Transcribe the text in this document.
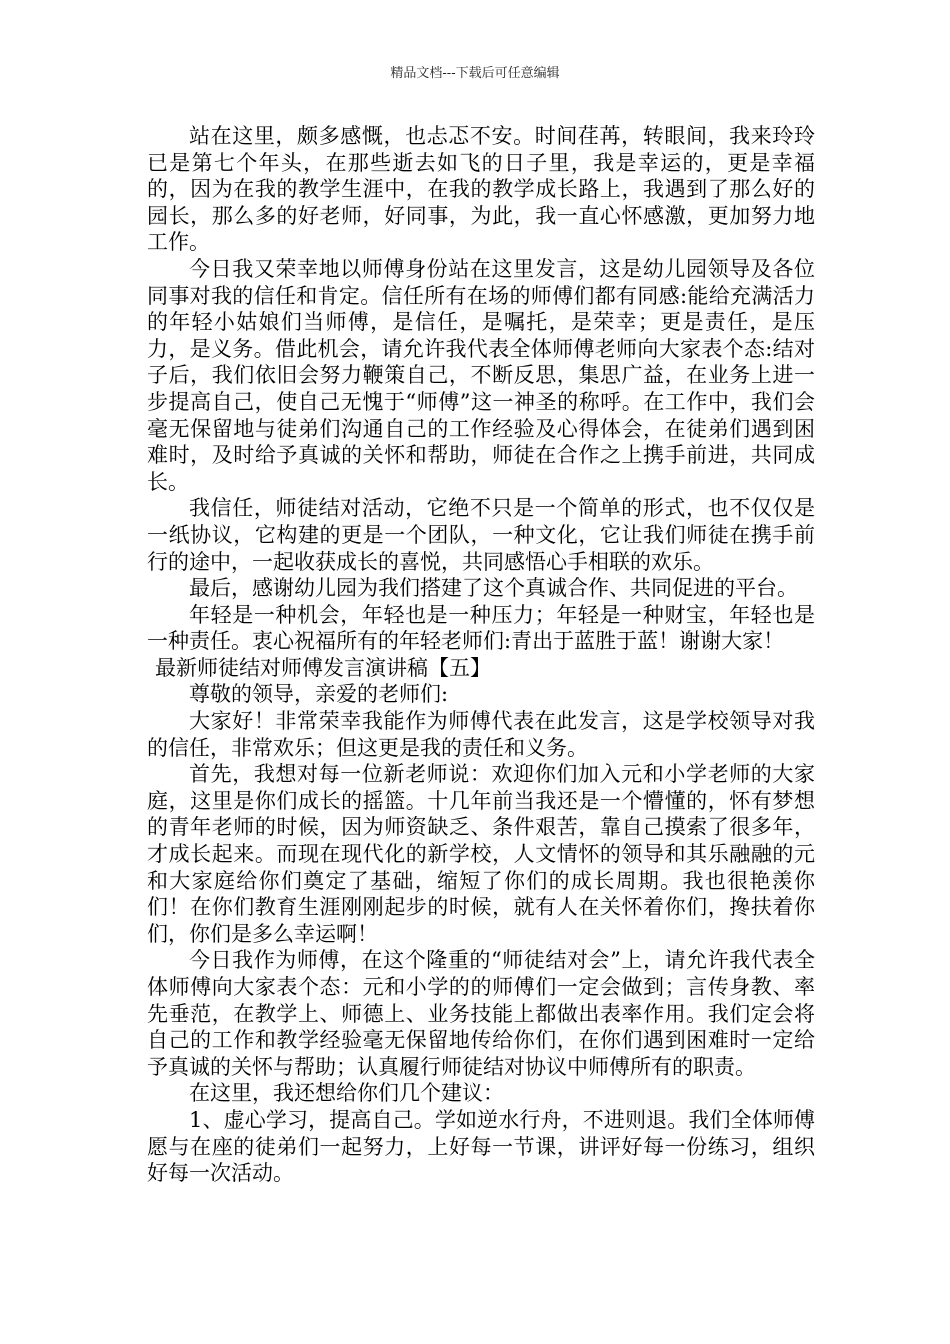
精品文档---下载后可任意编辑

站在这里，颇多感慨，也忐忑不安。时间荏苒，转眼间，我来玲玲已是第七个年头，在那些逝去如飞的日子里，我是幸运的，更是幸福的，因为在我的教学生涯中，在我的教学成长路上，我遇到了那么好的园长，那么多的好老师，好同事，为此，我一直心怀感激，更加努力地工作。

今日我又荣幸地以师傅身份站在这里发言，这是幼儿园领导及各位同事对我的信任和肯定。信任所有在场的师傅们都有同感:能给充满活力的年轻小姑娘们当师傅，是信任，是嘱托，是荣幸；更是责任，是压力，是义务。借此机会，请允许我代表全体师傅老师向大家表个态:结对子后，我们依旧会努力鞭策自己，不断反思，集思广益，在业务上进一步提高自己，使自己无愧于“师傅”这一神圣的称呼。在工作中，我们会毫无保留地与徒弟们沟通自己的工作经验及心得体会，在徒弟们遇到困难时，及时给予真诚的关怀和帮助，师徒在合作之上携手前进，共同成长。

我信任，师徒结对活动，它绝不只是一个简单的形式，也不仅仅是一纸协议，它构建的更是一个团队，一种文化，它让我们师徒在携手前行的途中，一起收获成长的喜悦，共同感悟心手相联的欢乐。

最后，感谢幼儿园为我们搭建了这个真诚合作、共同促进的平台。

年轻是一种机会，年轻也是一种压力；年轻是一种财宝，年轻也是一种责任。衷心祝福所有的年轻老师们:青出于蓝胜于蓝！谢谢大家！

最新师徒结对师傅发言演讲稿【五】

尊敬的领导，亲爱的老师们:

大家好！非常荣幸我能作为师傅代表在此发言，这是学校领导对我的信任，非常欢乐；但这更是我的责任和义务。

首先，我想对每一位新老师说：欢迎你们加入元和小学老师的大家庭，这里是你们成长的摇篮。十几年前当我还是一个懵懂的，怀有梦想的青年老师的时候，因为师资缺乏、条件艰苦，靠自己摸索了很多年，才成长起来。而现在现代化的新学校，人文情怀的领导和其乐融融的元和大家庭给你们奠定了基础，缩短了你们的成长周期。我也很艳羡你们！在你们教育生涯刚刚起步的时候，就有人在关怀着你们，搀扶着你们，你们是多么幸运啊！

今日我作为师傅，在这个隆重的“师徒结对会”上，请允许我代表全体师傅向大家表个态：元和小学的的师傅们一定会做到；言传身教、率先垂范，在教学上、师德上、业务技能上都做出表率作用。我们定会将自己的工作和教学经验毫无保留地传给你们，在你们遇到困难时一定给予真诚的关怀与帮助；认真履行师徒结对协议中师傅所有的职责。

在这里，我还想给你们几个建议：

1、虚心学习，提高自己。学如逆水行舟，不进则退。我们全体师傅愿与在座的徒弟们一起努力，上好每一节课，讲评好每一份练习，组织好每一次活动。
